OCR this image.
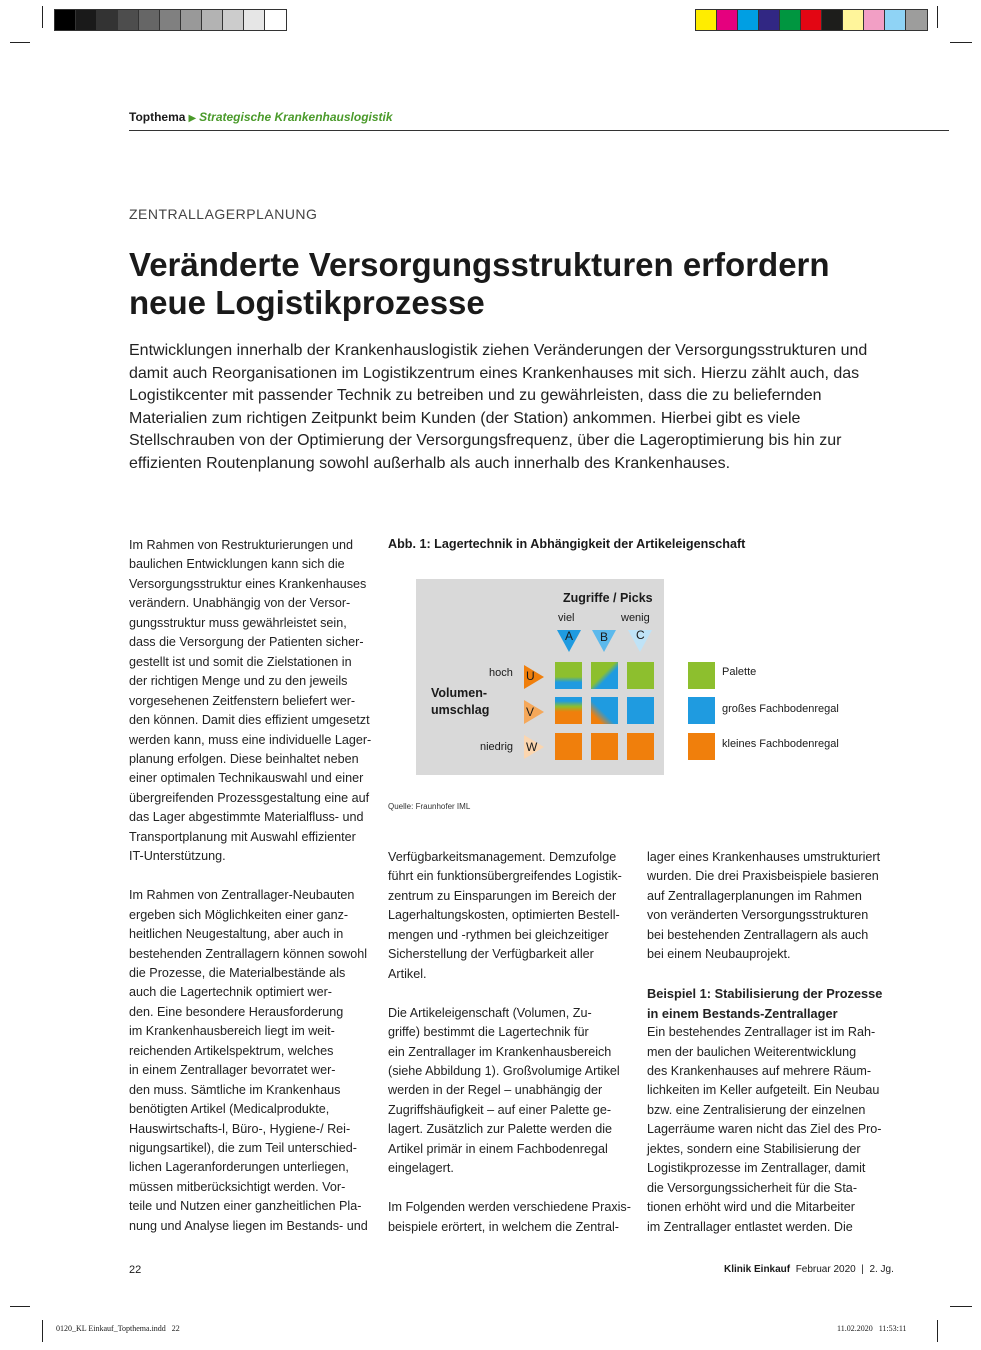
Topthema ▶ Strategische Krankenhauslogistik
ZENTRALLAGERPLANUNG
Veränderte Versorgungsstrukturen erfordern
neue Logistikprozesse
Entwicklungen innerhalb der Krankenhauslogistik ziehen Veränderungen der Versorgungsstrukturen und damit auch Reorganisationen im Logistikzentrum eines Krankenhauses mit sich. Hierzu zählt auch, das Logistikcenter mit passender Technik zu betreiben und zu gewährleisten, dass die zu beliefernden Materialien zum richtigen Zeitpunkt beim Kunden (der Station) ankommen. Hierbei gibt es viele Stellschrauben von der Optimierung der Versorgungsfrequenz, über die Lageroptimierung bis hin zur effizienten Routenplanung sowohl außerhalb als auch innerhalb des Krankenhauses.

Im Rahmen von Restrukturierungen und
baulichen Entwicklungen kann sich die
Versorgungsstruktur eines Krankenhauses
verändern. Unabhängig von der Versor-
gungsstruktur muss gewährleistet sein,
dass die Versorgung der Patienten sicher-
gestellt ist und somit die Zielstationen in
der richtigen Menge und zu den jeweils
vorgesehenen Zeitfenstern beliefert wer-
den können. Damit dies effizient umgesetzt
werden kann, muss eine individuelle Lager-
planung erfolgen. Diese beinhaltet neben
einer optimalen Technikauswahl und einer
übergreifenden Prozessgestaltung eine auf
das Lager abgestimmte Materialfluss- und
Transportplanung mit Auswahl effizienter
IT-Unterstützung.

Im Rahmen von Zentrallager-Neubauten
ergeben sich Möglichkeiten einer ganz-
heitlichen Neugestaltung, aber auch in
bestehenden Zentrallagern können sowohl
die Prozesse, die Materialbestände als
auch die Lagertechnik optimiert wer-
den. Eine besondere Herausforderung
im Krankenhausbereich liegt im weit-
reichenden Artikelspektrum, welches
in einem Zentrallager bevorratet wer-
den muss. Sämtliche im Krankenhaus
benötigten Artikel (Medicalprodukte,
Hauswirtschafts-l, Büro-, Hygiene-/ Rei-
nigungsartikel), die zum Teil unterschied-
lichen Lageranforderungen unterliegen,
müssen mitberücksichtigt werden. Vor-
teile und Nutzen einer ganzheitlichen Pla-
nung und Analyse liegen im Bestands- und

Verfügbarkeitsmanagement. Demzufolge
führt ein funktionsübergreifendes Logistik-
zentrum zu Einsparungen im Bereich der
Lagerhaltungskosten, optimierten Bestell-
mengen und -rythmen bei gleichzeitiger
Sicherstellung der Verfügbarkeit aller
Artikel.

Die Artikeleigenschaft (Volumen, Zu-
griffe) bestimmt die Lagertechnik für
ein Zentrallager im Krankenhausbereich
(siehe Abbildung 1). Großvolumige Artikel
werden in der Regel – unabhängig der
Zugriffshäufigkeit – auf einer Palette ge-
lagert. Zusätzlich zur Palette werden die
Artikel primär in einem Fachbodenregal
eingelagert.

Im Folgenden werden verschiedene Praxis-
beispiele erörtert, in welchem die Zentral-

lager eines Krankenhauses umstrukturiert
wurden. Die drei Praxisbeispiele basieren
auf Zentrallagerplanungen im Rahmen
von veränderten Versorgungsstrukturen
bei bestehenden Zentrallagern als auch
bei einem Neubauprojekt.

Beispiel 1: Stabilisierung der Prozesse
in einem Bestands-Zentrallager

Ein bestehendes Zentrallager ist im Rah-
men der baulichen Weiterentwicklung
des Krankenhauses auf mehrere Räum-
lichkeiten im Keller aufgeteilt. Ein Neubau
bzw. eine Zentralisierung der einzelnen
Lagerräume waren nicht das Ziel des Pro-
jektes, sondern eine Stabilisierung der
Logistikprozesse im Zentrallager, damit
die Versorgungssicherheit für die Sta-
tionen erhöht wird und die Mitarbeiter
im Zentrallager entlastet werden. Die

Abb. 1: Lagertechnik in Abhängigkeit der Artikeleigenschaft
Zugriffe / Picks
viel	wenig
A B C
Volumen-
umschlag
hoch
niedrig
U
V
W
Palette
großes Fachbodenregal
kleines Fachbodenregal
Quelle: Fraunhofer IML
22	Klinik Einkauf Februar 2020  |  2. Jg.
0120_KL Einkauf_Topthema.indd   22	11.02.2020   11:53:11
